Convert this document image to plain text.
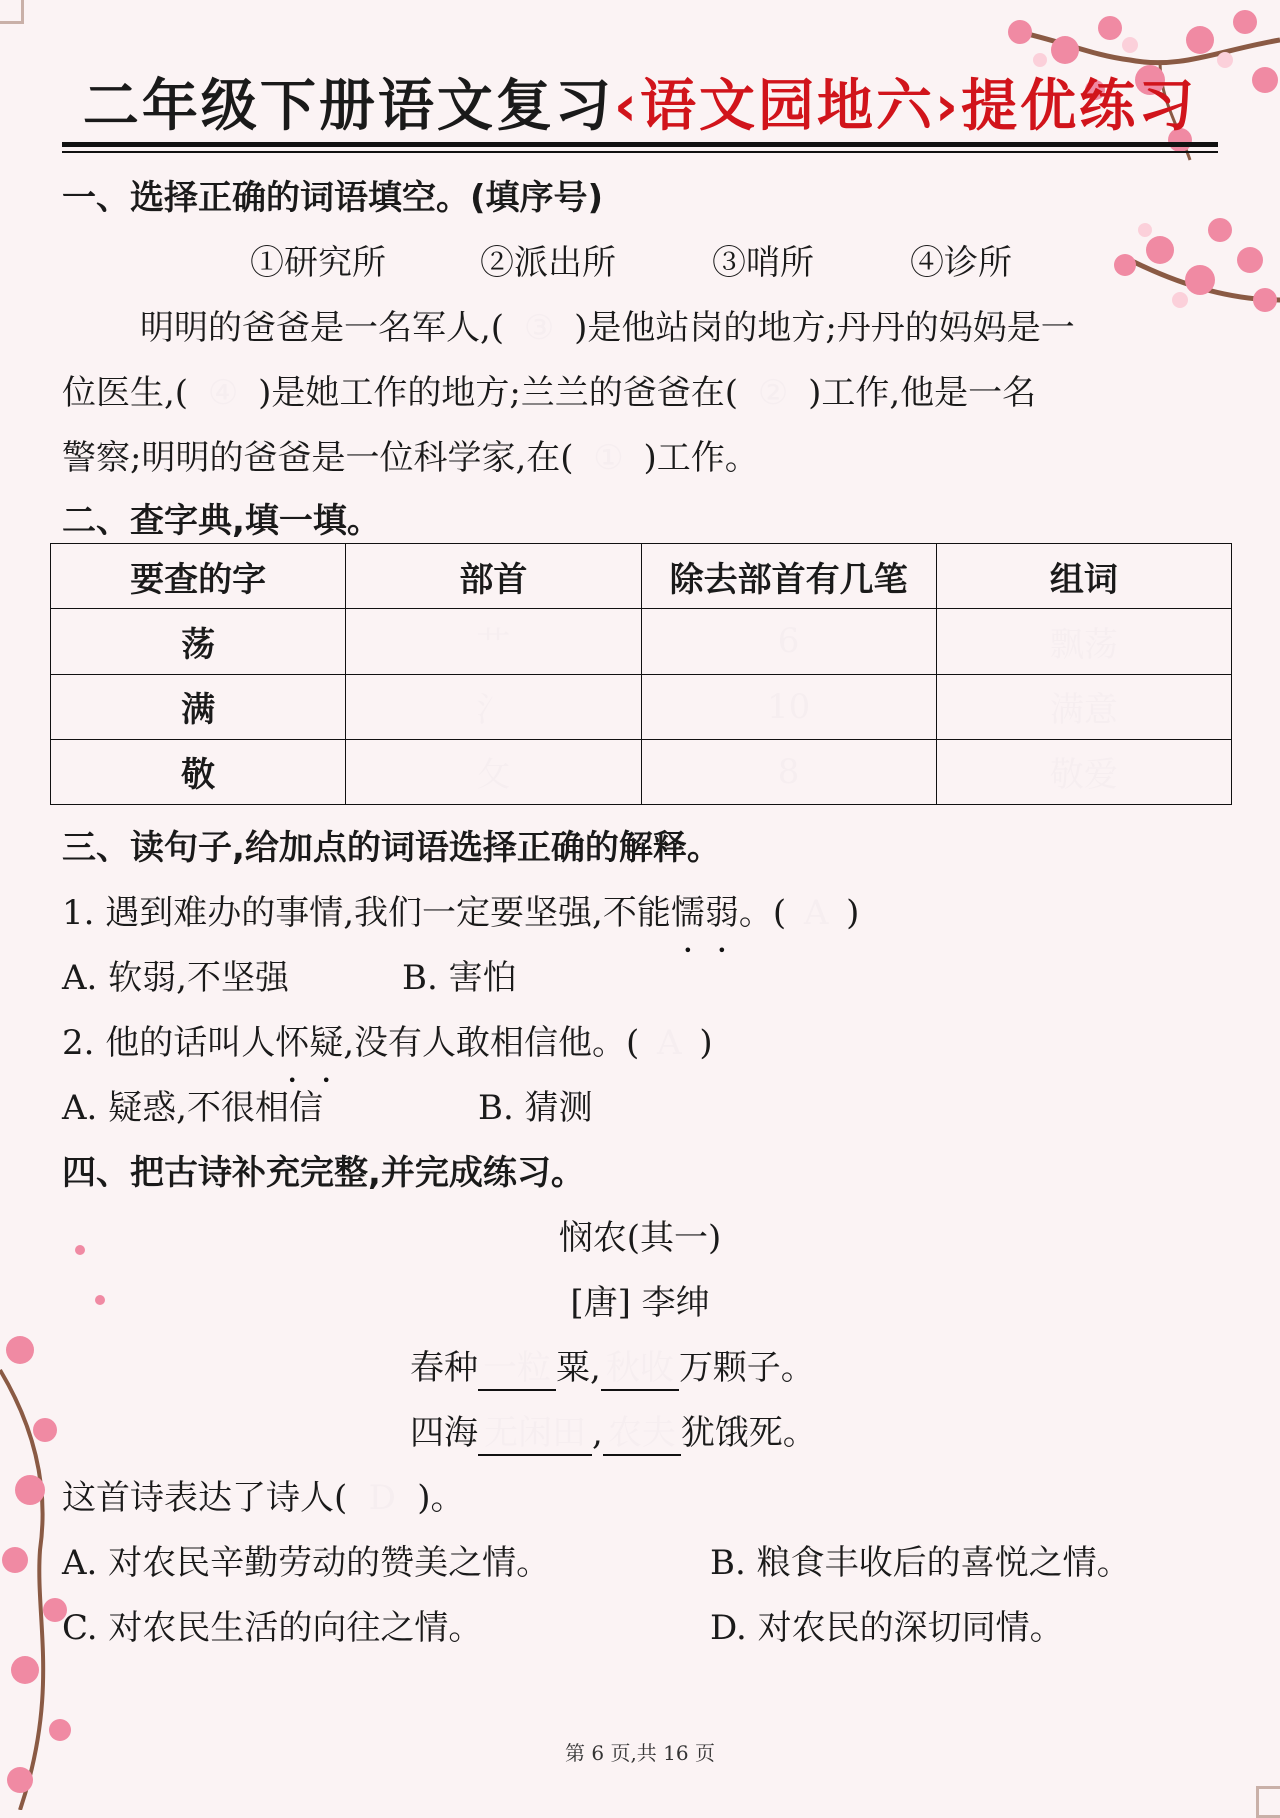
二年级下册语文复习‹语文园地六›提优练习
一、选择正确的词语填空。(填序号)
①研究所	②派出所	③哨所	④诊所
明明的爸爸是一名军人,( ③ )是他站岗的地方;丹丹的妈妈是一
位医生,( ④ )是她工作的地方;兰兰的爸爸在( ② )工作,他是一名
警察;明明的爸爸是一位科学家,在( ① )工作。
二、查字典,填一填。
要查的字	部首	除去部首有几笔	组词
荡	艹	6	飘荡
满	氵	10	满意
敬	攵	8	敬爱
三、读句子,给加点的词语选择正确的解释。
1. 遇到难办的事情,我们一定要坚强,不能懦弱。( A )
A. 软弱,不坚强	B. 害怕
2. 他的话叫人怀疑,没有人敢相信他。( A )
A. 疑惑,不很相信	B. 猜测
四、把古诗补充完整,并完成练习。
悯农(其一)
[唐] 李绅
春种 一粒 粟, 秋收 万颗子。
四海 无闲田 , 农夫 犹饿死。
这首诗表达了诗人( D )。
A. 对农民辛勤劳动的赞美之情。	B. 粮食丰收后的喜悦之情。
C. 对农民生活的向往之情。	D. 对农民的深切同情。
第 6 页,共 16 页
